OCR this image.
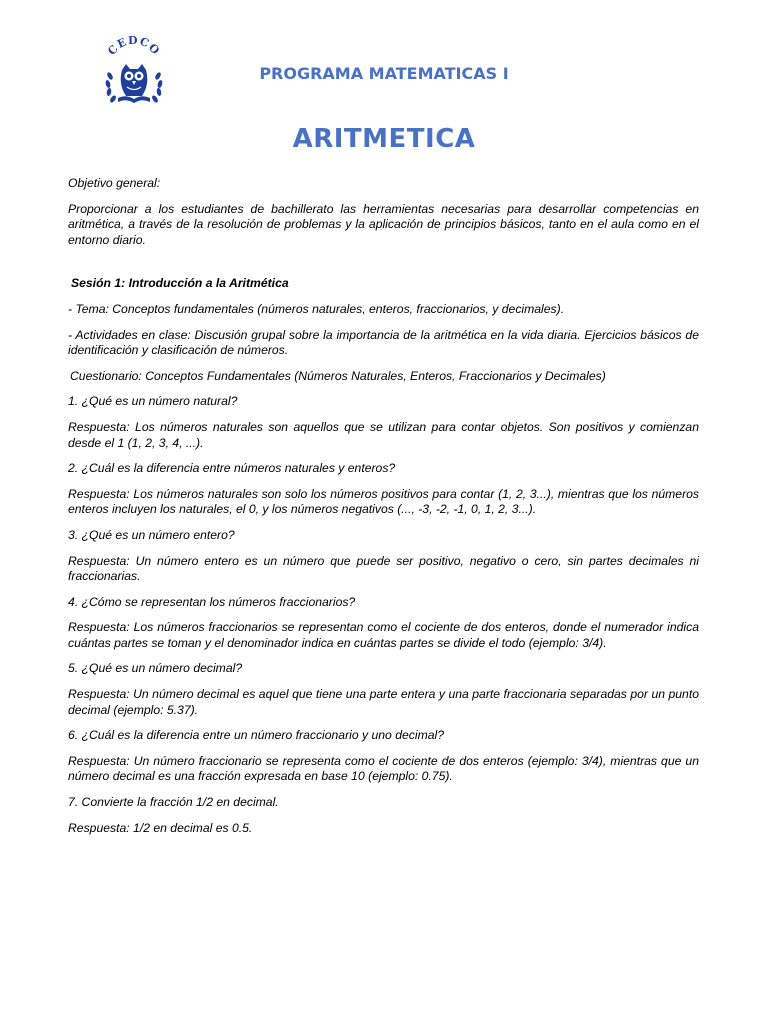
CEDCO
PROGRAMA MATEMATICAS I
ARITMETICA

Objetivo general:

Proporcionar a los estudiantes de bachillerato las herramientas necesarias para desarrollar competencias en aritmética, a través de la resolución de problemas y la aplicación de principios básicos, tanto en el aula como en el entorno diario.

Sesión 1: Introducción a la Aritmética

- Tema: Conceptos fundamentales (números naturales, enteros, fraccionarios, y decimales).

- Actividades en clase: Discusión grupal sobre la importancia de la aritmética en la vida diaria. Ejercicios básicos de identificación y clasificación de números.

Cuestionario: Conceptos Fundamentales (Números Naturales, Enteros, Fraccionarios y Decimales)

1. ¿Qué es un número natural?

Respuesta: Los números naturales son aquellos que se utilizan para contar objetos. Son positivos y comienzan desde el 1 (1, 2, 3, 4, ...).

2. ¿Cuál es la diferencia entre números naturales y enteros?

Respuesta: Los números naturales son solo los números positivos para contar (1, 2, 3...), mientras que los números enteros incluyen los naturales, el 0, y los números negativos (..., -3, -2, -1, 0, 1, 2, 3...).

3. ¿Qué es un número entero?

Respuesta: Un número entero es un número que puede ser positivo, negativo o cero, sin partes decimales ni fraccionarias.

4. ¿Cómo se representan los números fraccionarios?

Respuesta: Los números fraccionarios se representan como el cociente de dos enteros, donde el numerador indica cuántas partes se toman y el denominador indica en cuántas partes se divide el todo (ejemplo: 3/4).

5. ¿Qué es un número decimal?

Respuesta: Un número decimal es aquel que tiene una parte entera y una parte fraccionaria separadas por un punto decimal (ejemplo: 5.37).

6. ¿Cuál es la diferencia entre un número fraccionario y uno decimal?

Respuesta: Un número fraccionario se representa como el cociente de dos enteros (ejemplo: 3/4), mientras que un número decimal es una fracción expresada en base 10 (ejemplo: 0.75).

7. Convierte la fracción 1/2 en decimal.

Respuesta: 1/2 en decimal es 0.5.
